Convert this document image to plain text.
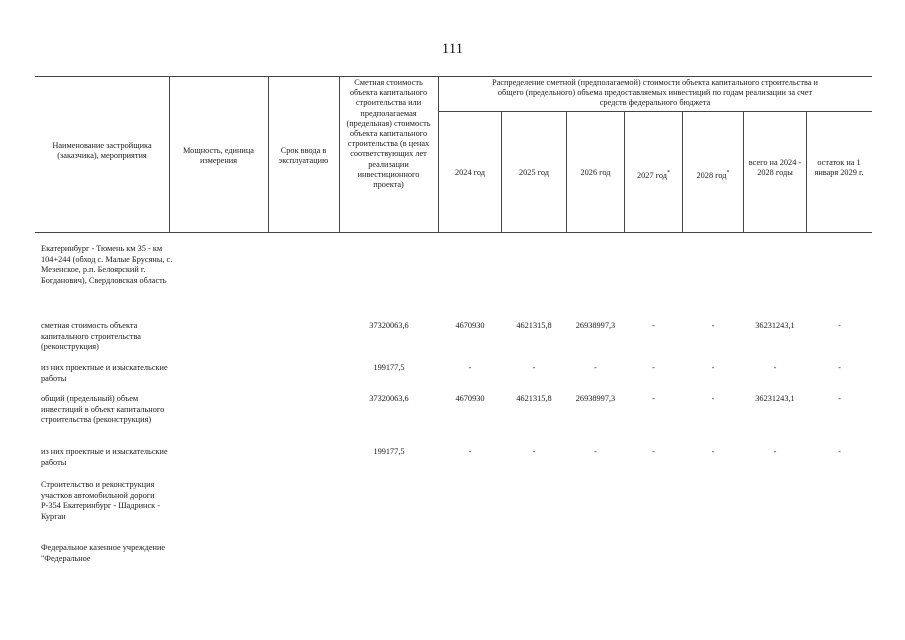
111
Наименование застройщика (заказчика), мероприятия
Мощность, единица измерения
Срок ввода в эксплуатацию
Сметная стоимость объекта капитального строительства или предполагаемая (предельная) стоимость объекта капитального строительства (в ценах соответствующих лет реализации инвестиционного проекта)
Распределение сметной (предполагаемой) стоимости объекта капитального строительства и общего (предельного) объема предоставляемых инвестиций по годам реализации за счет средств федерального бюджета
2024 год	2025 год	2026 год	2027 год*	2028 год*
всего на 2024 - 2028 годы
остаток на 1 января 2029 г.
Екатеринбург - Тюмень км 35 - км 104+244 (обход с. Малые Брусяны, с. Мезенское, р.п. Белоярский г. Богданович), Свердловская область
сметная стоимость объекта капитального строительства (реконструкция)
37320063,6	4670930	4621315,8	26938997,3	-	-	36231243,1	-
из них проектные и изыскательские работы
199177,5	-	-	-	-	-	-	-
общий (предельный) объем инвестиций в объект капитального строительства (реконструкция)
37320063,6	4670930	4621315,8	26938997,3	-	-	36231243,1	-
из них проектные и изыскательские работы
199177,5	-	-	-	-	-	-	-
Строительство и реконструкция участков автомобильной дороги Р-354 Екатеринбург - Шадринск - Курган
Федеральное казенное учреждение "Федеральное
